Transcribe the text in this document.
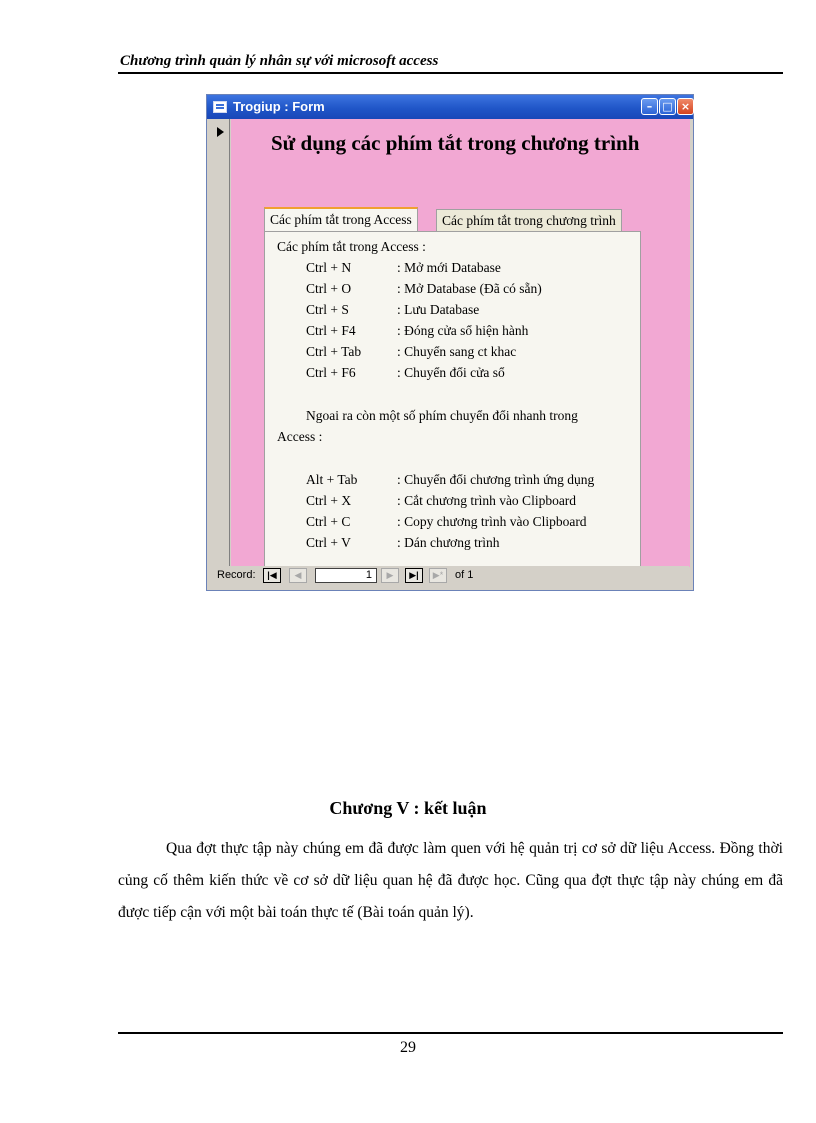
Chương trình quản lý nhân sự với microsoft access
Trogiup : Form	– □ ×
Sử dụng các phím tắt trong chương trình
Các phím tắt trong Access	Các phím tắt trong chương trình
Các phím tắt trong Access :
Ctrl + N	: Mở mới Database
Ctrl + O	: Mở Database (Đã có sẵn)
Ctrl + S	: Lưu Database
Ctrl + F4	: Đóng cửa sổ hiện hành
Ctrl + Tab	: Chuyển sang ct khac
Ctrl + F6	: Chuyển đổi cửa sổ
Ngoai ra còn một số phím chuyển đổi nhanh trong
Access :
Alt + Tab	: Chuyển đổi chương trình ứng dụng
Ctrl + X	: Cắt chương trình vào Clipboard
Ctrl + C	: Copy chương trình vào Clipboard
Ctrl + V	: Dán chương trình
Record:	|◀	◀	1	▶	▶|	▶*	of 1
Chương V : kết luận
Qua đợt thực tập này chúng em đã được làm quen với hệ quản trị cơ sở dữ liệu Access. Đồng thời củng cố thêm kiến thức về cơ sở dữ liệu quan hệ đã được học. Cũng qua đợt thực tập này chúng em đã được tiếp cận với một bài toán thực tế (Bài toán quản lý).
29
